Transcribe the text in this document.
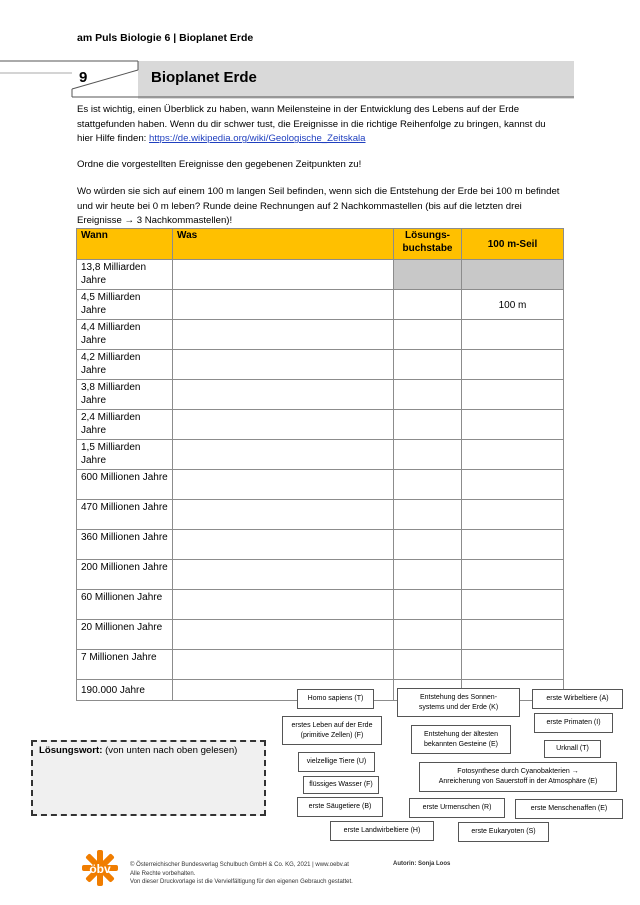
am Puls Biologie 6 | Bioplanet Erde
9	Bioplanet Erde
Es ist wichtig, einen Überblick zu haben, wann Meilensteine in der Entwicklung des Lebens auf der Erde stattgefunden haben. Wenn du dir schwer tust, die Ereignisse in die richtige Reihenfolge zu bringen, kannst du hier Hilfe finden: https://de.wikipedia.org/wiki/Geologische_Zeitskala
Ordne die vorgestellten Ereignisse den gegebenen Zeitpunkten zu!
Wo würden sie sich auf einem 100 m langen Seil befinden, wenn sich die Entstehung der Erde bei 100 m befindet und wir heute bei 0 m leben? Runde deine Rechnungen auf 2 Nachkommastellen (bis auf die letzten drei Ereignisse → 3 Nachkommastellen)!
Wann	Was	Lösungs-
buchstabe	100 m-Seil
13,8 Milliarden Jahre			
4,5 Milliarden Jahre			100 m
4,4 Milliarden Jahre			
4,2 Milliarden Jahre			
3,8 Milliarden Jahre			
2,4 Milliarden Jahre			
1,5 Milliarden Jahre			
600 Millionen Jahre			
470 Millionen Jahre			
360 Millionen Jahre			
200 Millionen Jahre			
60 Millionen Jahre			
20 Millionen Jahre			
7 Millionen Jahre			
190.000 Jahre			
Homo sapiens (T)	Entstehung des Sonnen-
systems und der Erde (K)
erste Wirbeltiere (A)
erstes Leben auf der Erde
(primitive Zellen) (F)	Entstehung der ältesten
bekannten Gesteine (E)
erste Primaten (I)
Urknall (T)
vielzellige Tiere (U)
flüssiges Wasser (F)
Fotosynthese durch Cyanobakterien →
Anreicherung von Sauerstoff in der Atmosphäre (E)
erste Säugetiere (B)	erste Urmenschen (R)	erste Menschenaffen (E)
erste Landwirbeltiere (H)	erste Eukaryoten (S)
Lösungswort: (von unten nach oben gelesen)
öbv	© Österreichischer Bundesverlag Schulbuch GmbH & Co. KG, 2021 | www.oebv.at
Alle Rechte vorbehalten.
Von dieser Druckvorlage ist die Vervielfältigung für den eigenen Gebrauch gestattet.
Autorin: Sonja Loos
